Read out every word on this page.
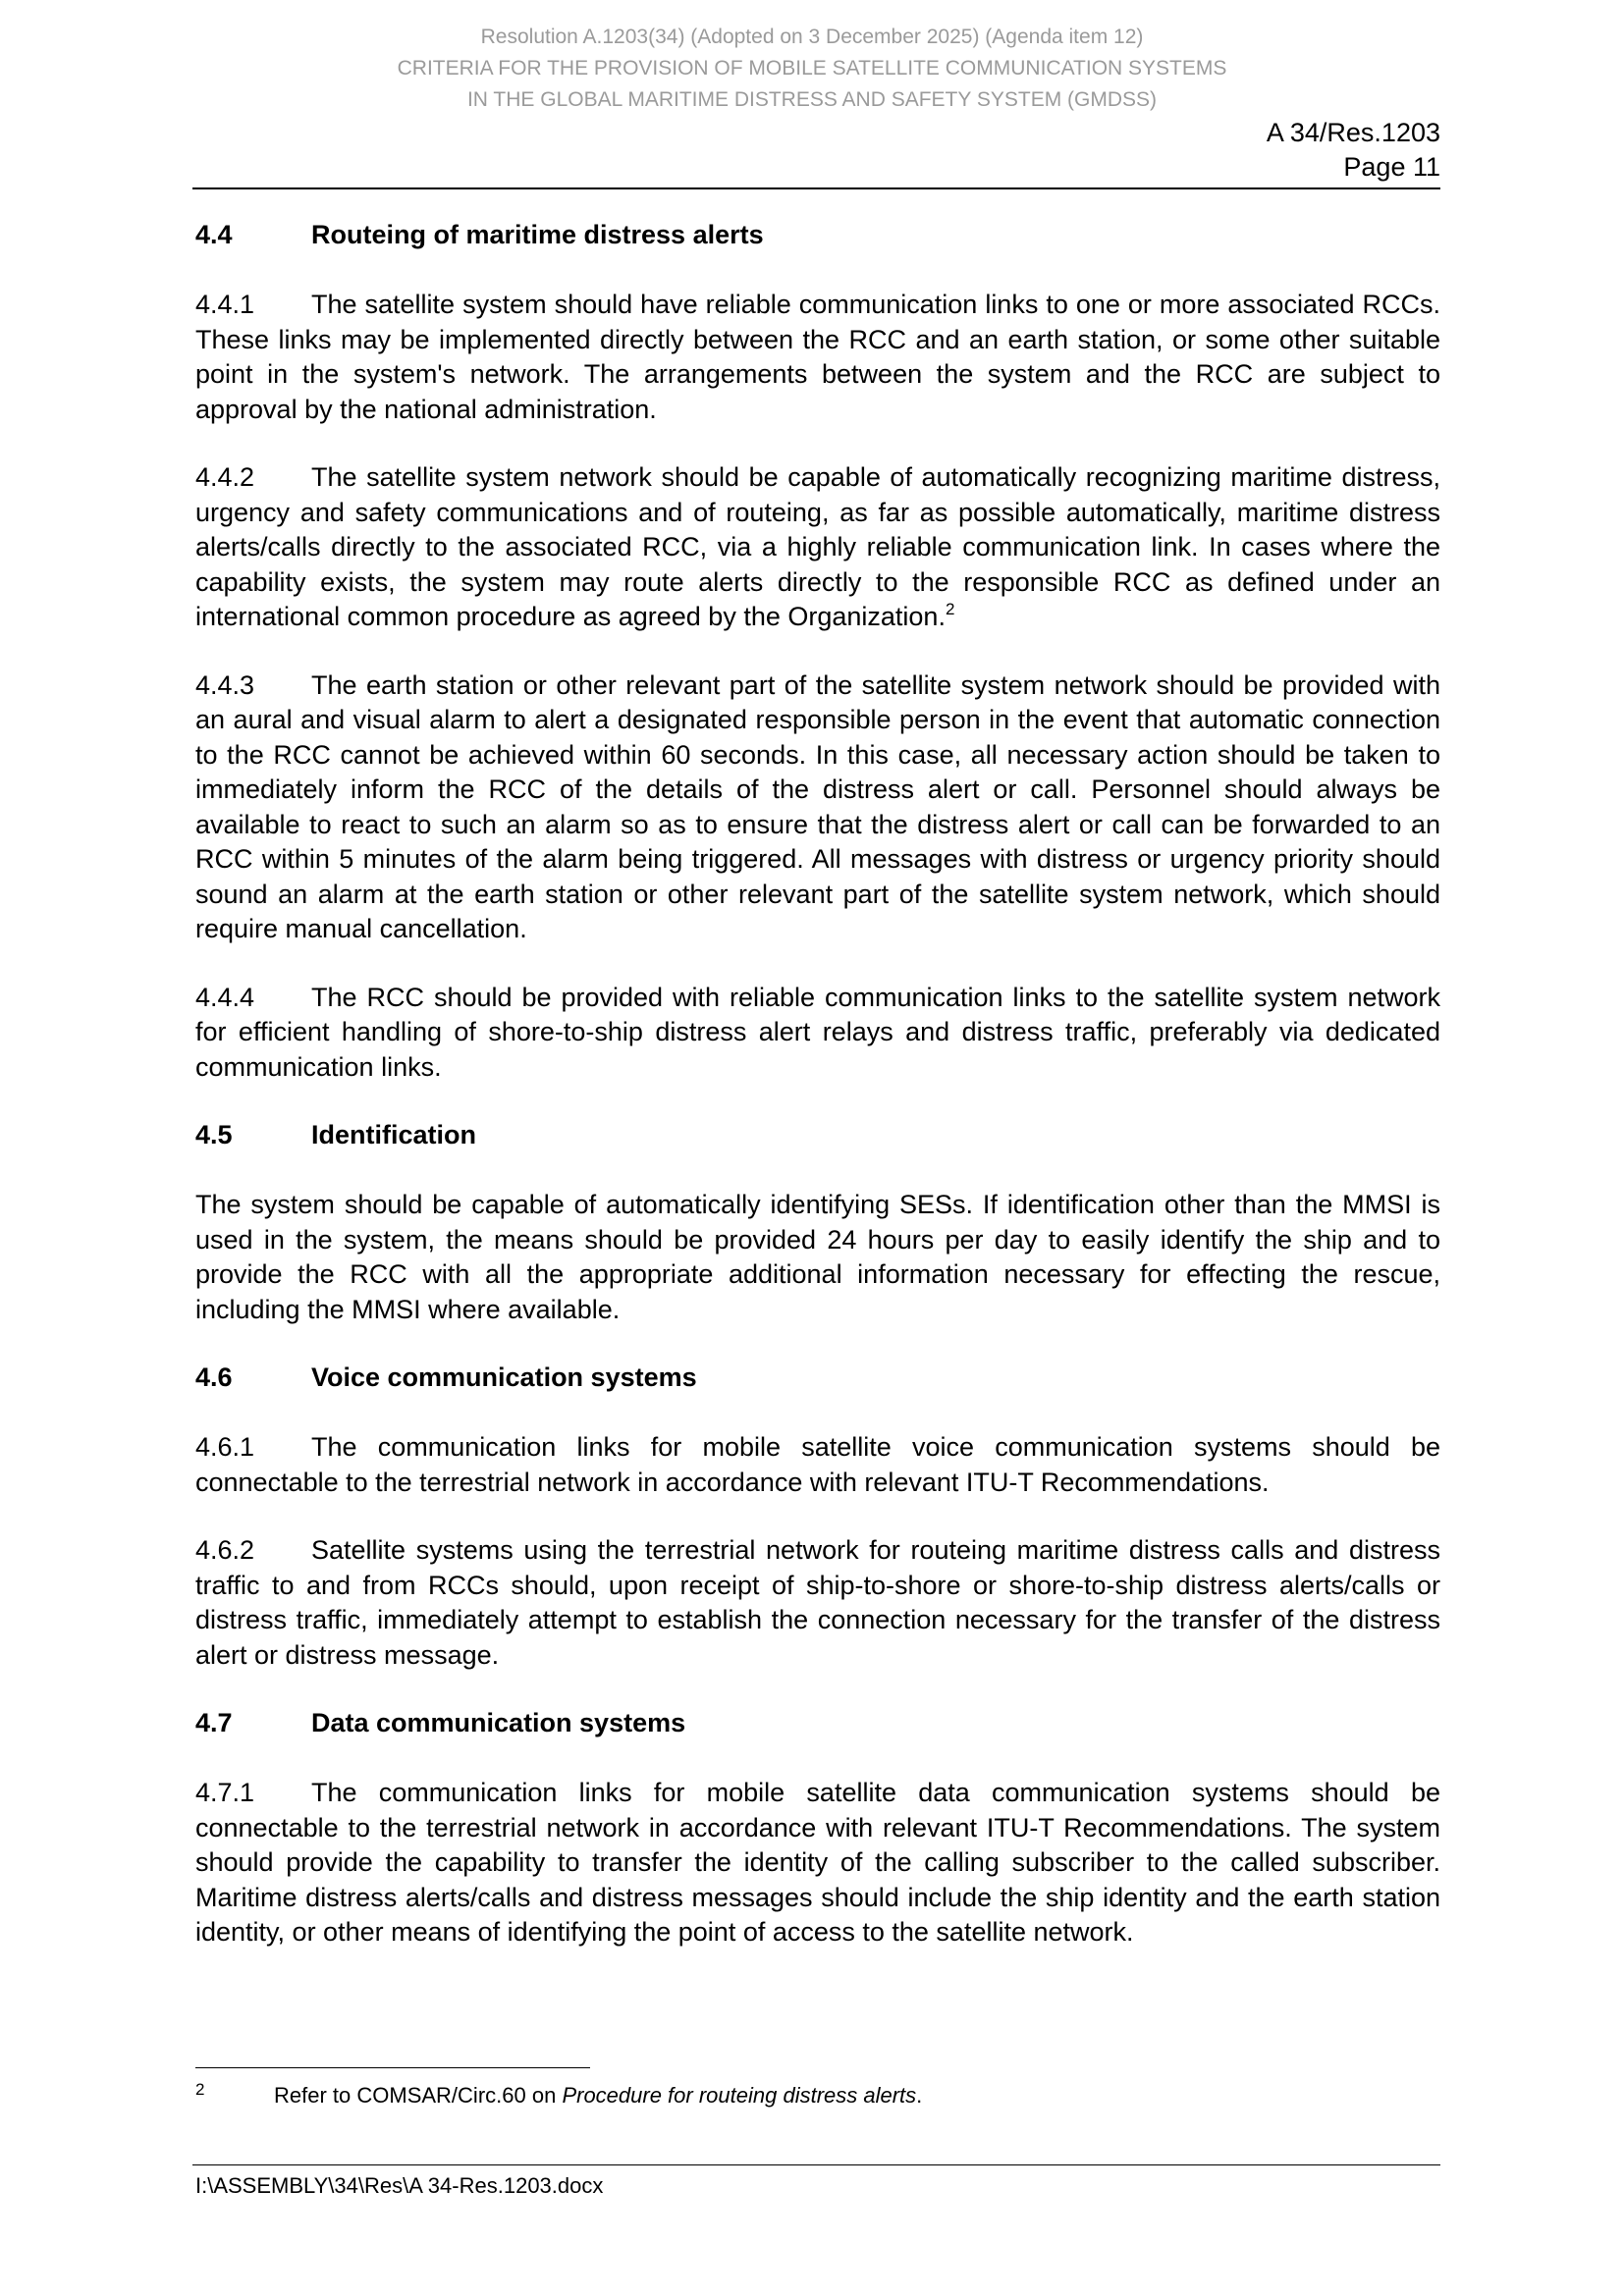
Resolution A.1203(34) (Adopted on 3 December 2025) (Agenda item 12)
CRITERIA FOR THE PROVISION OF MOBILE SATELLITE COMMUNICATION SYSTEMS
IN THE GLOBAL MARITIME DISTRESS AND SAFETY SYSTEM (GMDSS)
A 34/Res.1203
Page 11
4.4	Routeing of maritime distress alerts
4.4.1 The satellite system should have reliable communication links to one or more associated RCCs. These links may be implemented directly between the RCC and an earth station, or some other suitable point in the system's network. The arrangements between the system and the RCC are subject to approval by the national administration.
4.4.2 The satellite system network should be capable of automatically recognizing maritime distress, urgency and safety communications and of routeing, as far as possible automatically, maritime distress alerts/calls directly to the associated RCC, via a highly reliable communication link. In cases where the capability exists, the system may route alerts directly to the responsible RCC as defined under an international common procedure as agreed by the Organization.$^2$
4.4.3 The earth station or other relevant part of the satellite system network should be provided with an aural and visual alarm to alert a designated responsible person in the event that automatic connection to the RCC cannot be achieved within 60 seconds. In this case, all necessary action should be taken to immediately inform the RCC of the details of the distress alert or call. Personnel should always be available to react to such an alarm so as to ensure that the distress alert or call can be forwarded to an RCC within 5 minutes of the alarm being triggered. All messages with distress or urgency priority should sound an alarm at the earth station or other relevant part of the satellite system network, which should require manual cancellation.
4.4.4 The RCC should be provided with reliable communication links to the satellite system network for efficient handling of shore-to-ship distress alert relays and distress traffic, preferably via dedicated communication links.
4.5	Identification
The system should be capable of automatically identifying SESs. If identification other than the MMSI is used in the system, the means should be provided 24 hours per day to easily identify the ship and to provide the RCC with all the appropriate additional information necessary for effecting the rescue, including the MMSI where available.
4.6	Voice communication systems
4.6.1 The communication links for mobile satellite voice communication systems should be connectable to the terrestrial network in accordance with relevant ITU-T Recommendations.
4.6.2 Satellite systems using the terrestrial network for routeing maritime distress calls and distress traffic to and from RCCs should, upon receipt of ship-to-shore or shore-to-ship distress alerts/calls or distress traffic, immediately attempt to establish the connection necessary for the transfer of the distress alert or distress message.
4.7	Data communication systems
4.7.1 The communication links for mobile satellite data communication systems should be connectable to the terrestrial network in accordance with relevant ITU-T Recommendations. The system should provide the capability to transfer the identity of the calling subscriber to the called subscriber. Maritime distress alerts/calls and distress messages should include the ship identity and the earth station identity, or other means of identifying the point of access to the satellite network.
2	Refer to COMSAR/Circ.60 on Procedure for routeing distress alerts.
I:\ASSEMBLY\34\Res\A 34-Res.1203.docx
